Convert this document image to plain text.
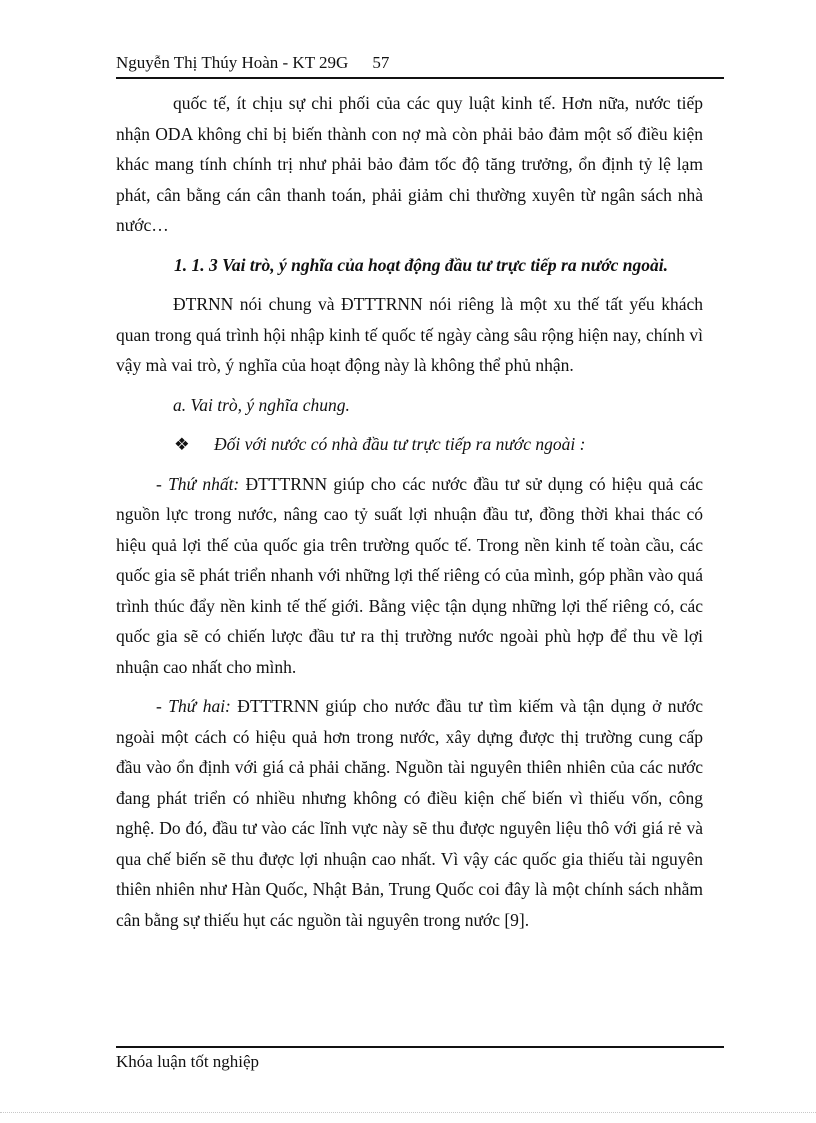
Nguyễn Thị Thúy Hoàn - KT 29G 57

quốc tế, ít chịu sự chi phối của các quy luật kinh tế. Hơn nữa, nước tiếp nhận ODA không chỉ bị biến thành con nợ mà còn phải bảo đảm một số điều kiện khác mang tính chính trị như phải bảo đảm tốc độ tăng trưởng, ổn định tỷ lệ lạm phát, cân bằng cán cân thanh toán, phải giảm chi thường xuyên từ ngân sách nhà nước…

1. 1. 3 Vai trò, ý nghĩa của hoạt động đầu tư trực tiếp ra nước ngoài.

ĐTRNN nói chung và ĐTTTRNN nói riêng là một xu thế tất yếu khách quan trong quá trình hội nhập kinh tế quốc tế ngày càng sâu rộng hiện nay, chính vì vậy mà vai trò, ý nghĩa của hoạt động này là không thể phủ nhận.

a. Vai trò, ý nghĩa chung.

❖ Đối với nước có nhà đầu tư trực tiếp ra nước ngoài :

- Thứ nhất: ĐTTTRNN giúp cho các nước đầu tư sử dụng có hiệu quả các nguồn lực trong nước, nâng cao tỷ suất lợi nhuận đầu tư, đồng thời khai thác có hiệu quả lợi thế của quốc gia trên trường quốc tế. Trong nền kinh tế toàn cầu, các quốc gia sẽ phát triển nhanh với những lợi thế riêng có của mình, góp phần vào quá trình thúc đẩy nền kinh tế thế giới. Bằng việc tận dụng những lợi thế riêng có, các quốc gia sẽ có chiến lược đầu tư ra thị trường nước ngoài phù hợp để thu về lợi nhuận cao nhất cho mình.

- Thứ hai: ĐTTTRNN giúp cho nước đầu tư tìm kiếm và tận dụng ở nước ngoài một cách có hiệu quả hơn trong nước, xây dựng được thị trường cung cấp đầu vào ổn định với giá cả phải chăng. Nguồn tài nguyên thiên nhiên của các nước đang phát triển có nhiều nhưng không có điều kiện chế biến vì thiếu vốn, công nghệ. Do đó, đầu tư vào các lĩnh vực này sẽ thu được nguyên liệu thô với giá rẻ và qua chế biến sẽ thu được lợi nhuận cao nhất. Vì vậy các quốc gia thiếu tài nguyên thiên nhiên như Hàn Quốc, Nhật Bản, Trung Quốc coi đây là một chính sách nhằm cân bằng sự thiếu hụt các nguồn tài nguyên trong nước [9].

Khóa luận tốt nghiệp
